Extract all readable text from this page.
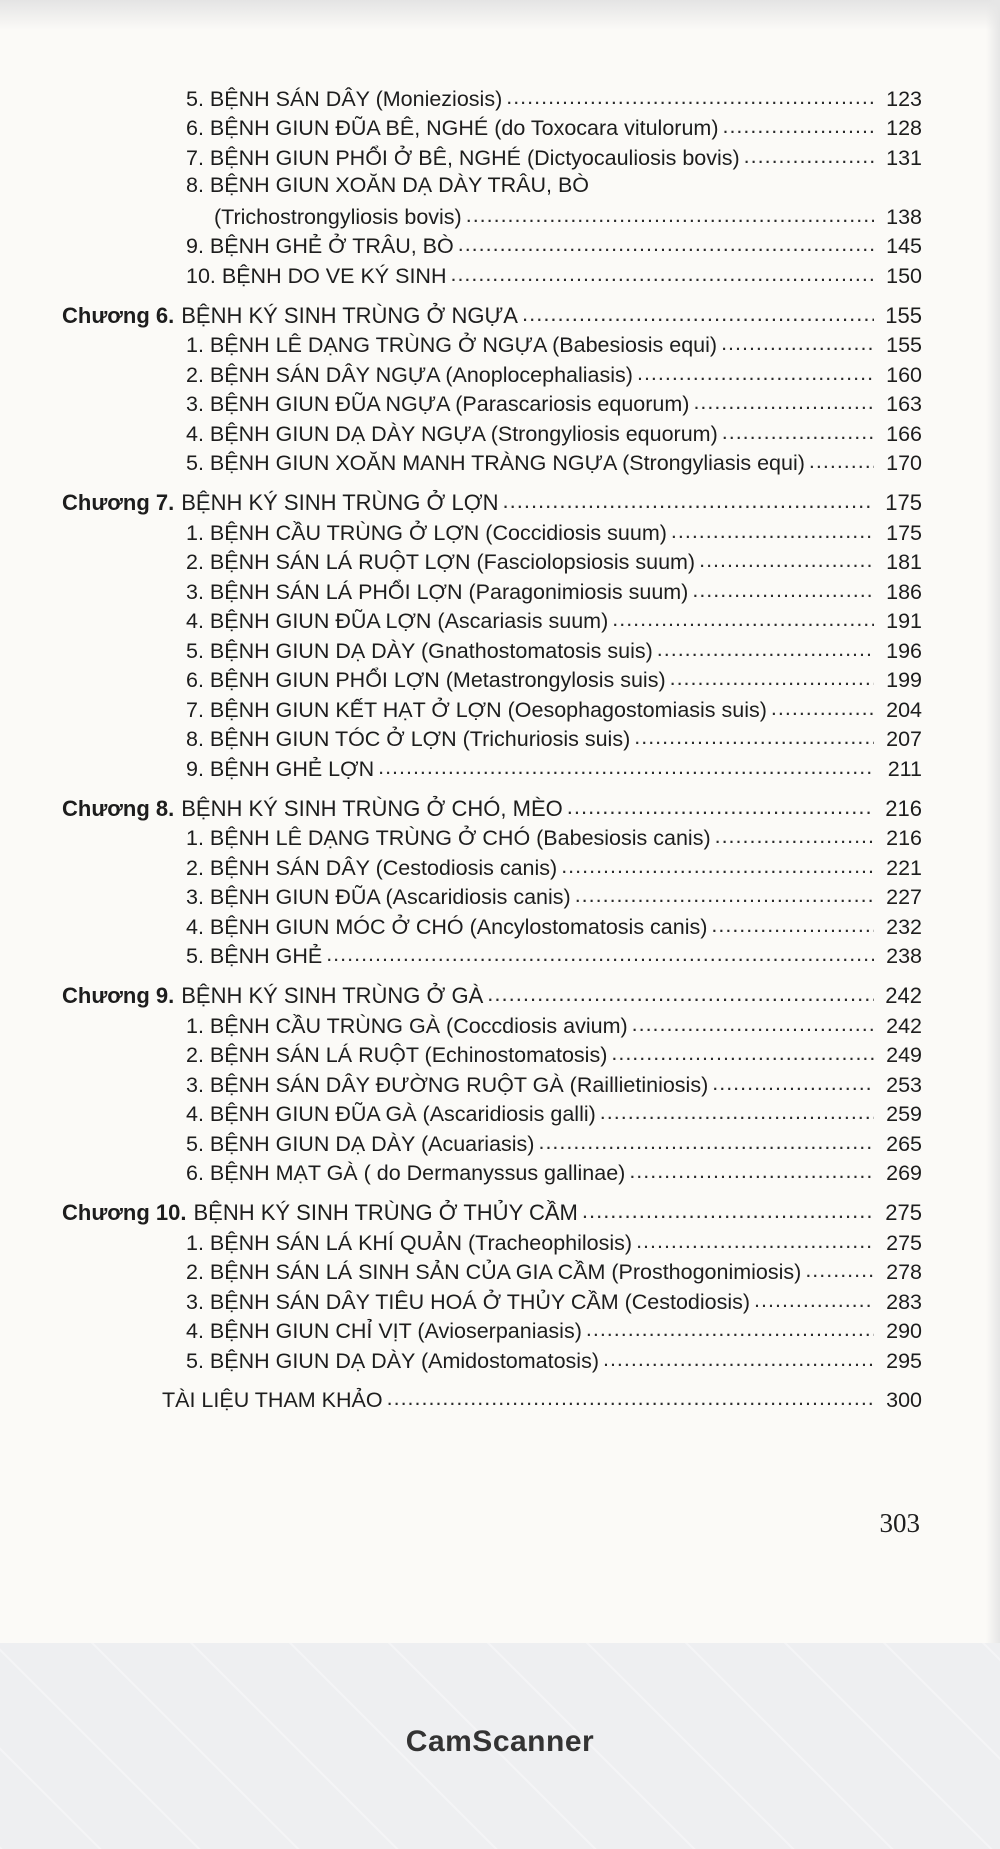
5. BỆNH SÁN DÂY (Monieziosis) .....	123
6. BỆNH GIUN ĐŨA BÊ, NGHÉ (do Toxocara vitulorum) .....	128
7. BỆNH GIUN PHỔI Ở BÊ, NGHÉ (Dictyocauliosis bovis) .....	131
8. BỆNH GIUN XOĂN DẠ DÀY TRÂU, BÒ
(Trichostrongyliosis bovis) .....	138
9. BỆNH GHẺ Ở TRÂU, BÒ .....	145
10. BỆNH DO VE KÝ SINH .....	150
Chương 6. BỆNH KÝ SINH TRÙNG Ở NGỰA .....	155
1. BỆNH LÊ DẠNG TRÙNG Ở NGỰA (Babesiosis equi) .....	155
2. BỆNH SÁN DÂY NGỰA (Anoplocephaliasis) .....	160
3. BỆNH GIUN ĐŨA NGỰA (Parascariosis equorum) .....	163
4. BỆNH GIUN DẠ DÀY NGỰA (Strongyliosis equorum) .....	166
5. BỆNH GIUN XOĂN MANH TRÀNG NGỰA (Strongyliasis equi) .....	170
Chương 7. BỆNH KÝ SINH TRÙNG Ở LỢN .....	175
1. BỆNH CẦU TRÙNG Ở LỢN (Coccidiosis suum) .....	175
2. BỆNH SÁN LÁ RUỘT LỢN (Fasciolopsiosis suum) .....	181
3. BỆNH SÁN LÁ PHỔI LỢN (Paragonimiosis suum) .....	186
4. BỆNH GIUN ĐŨA LỢN (Ascariasis suum) .....	191
5. BỆNH GIUN DẠ DÀY (Gnathostomatosis suis) .....	196
6. BỆNH GIUN PHỔI LỢN (Metastrongylosis suis) .....	199
7. BỆNH GIUN KẾT HẠT Ở LỢN (Oesophagostomiasis suis) .....	204
8. BỆNH GIUN TÓC Ở LỢN (Trichuriosis suis) .....	207
9. BỆNH GHẺ LỢN .....	211
Chương 8. BỆNH KÝ SINH TRÙNG Ở CHÓ, MÈO .....	216
1. BỆNH LÊ DẠNG TRÙNG Ở CHÓ (Babesiosis canis) .....	216
2. BỆNH SÁN DÂY (Cestodiosis canis) .....	221
3. BỆNH GIUN ĐŨA (Ascaridiosis canis) .....	227
4. BỆNH GIUN MÓC Ở CHÓ (Ancylostomatosis canis) .....	232
5. BỆNH GHẺ .....	238
Chương 9. BỆNH KÝ SINH TRÙNG Ở GÀ .....	242
1. BỆNH CẦU TRÙNG GÀ (Coccdiosis avium) .....	242
2. BỆNH SÁN LÁ RUỘT (Echinostomatosis) .....	249
3. BỆNH SÁN DÂY ĐƯỜNG RUỘT GÀ (Raillietiniosis) .....	253
4. BỆNH GIUN ĐŨA GÀ (Ascaridiosis galli) .....	259
5. BỆNH GIUN DẠ DÀY (Acuariasis) .....	265
6. BỆNH MẠT GÀ ( do Dermanyssus gallinae) .....	269
Chương 10. BỆNH KÝ SINH TRÙNG Ở THỦY CẦM .....	275
1. BỆNH SÁN LÁ KHÍ QUẢN (Tracheophilosis) .....	275
2. BỆNH SÁN LÁ SINH SẢN CỦA GIA CẦM (Prosthogonimiosis) .....	278
3. BỆNH SÁN DÂY TIÊU HOÁ Ở THỦY CẦM (Cestodiosis) .....	283
4. BỆNH GIUN CHỈ VỊT (Avioserpaniasis) .....	290
5. BỆNH GIUN DẠ DÀY (Amidostomatosis) .....	295
TÀI LIỆU THAM KHẢO .....	300
303
CamScanner
